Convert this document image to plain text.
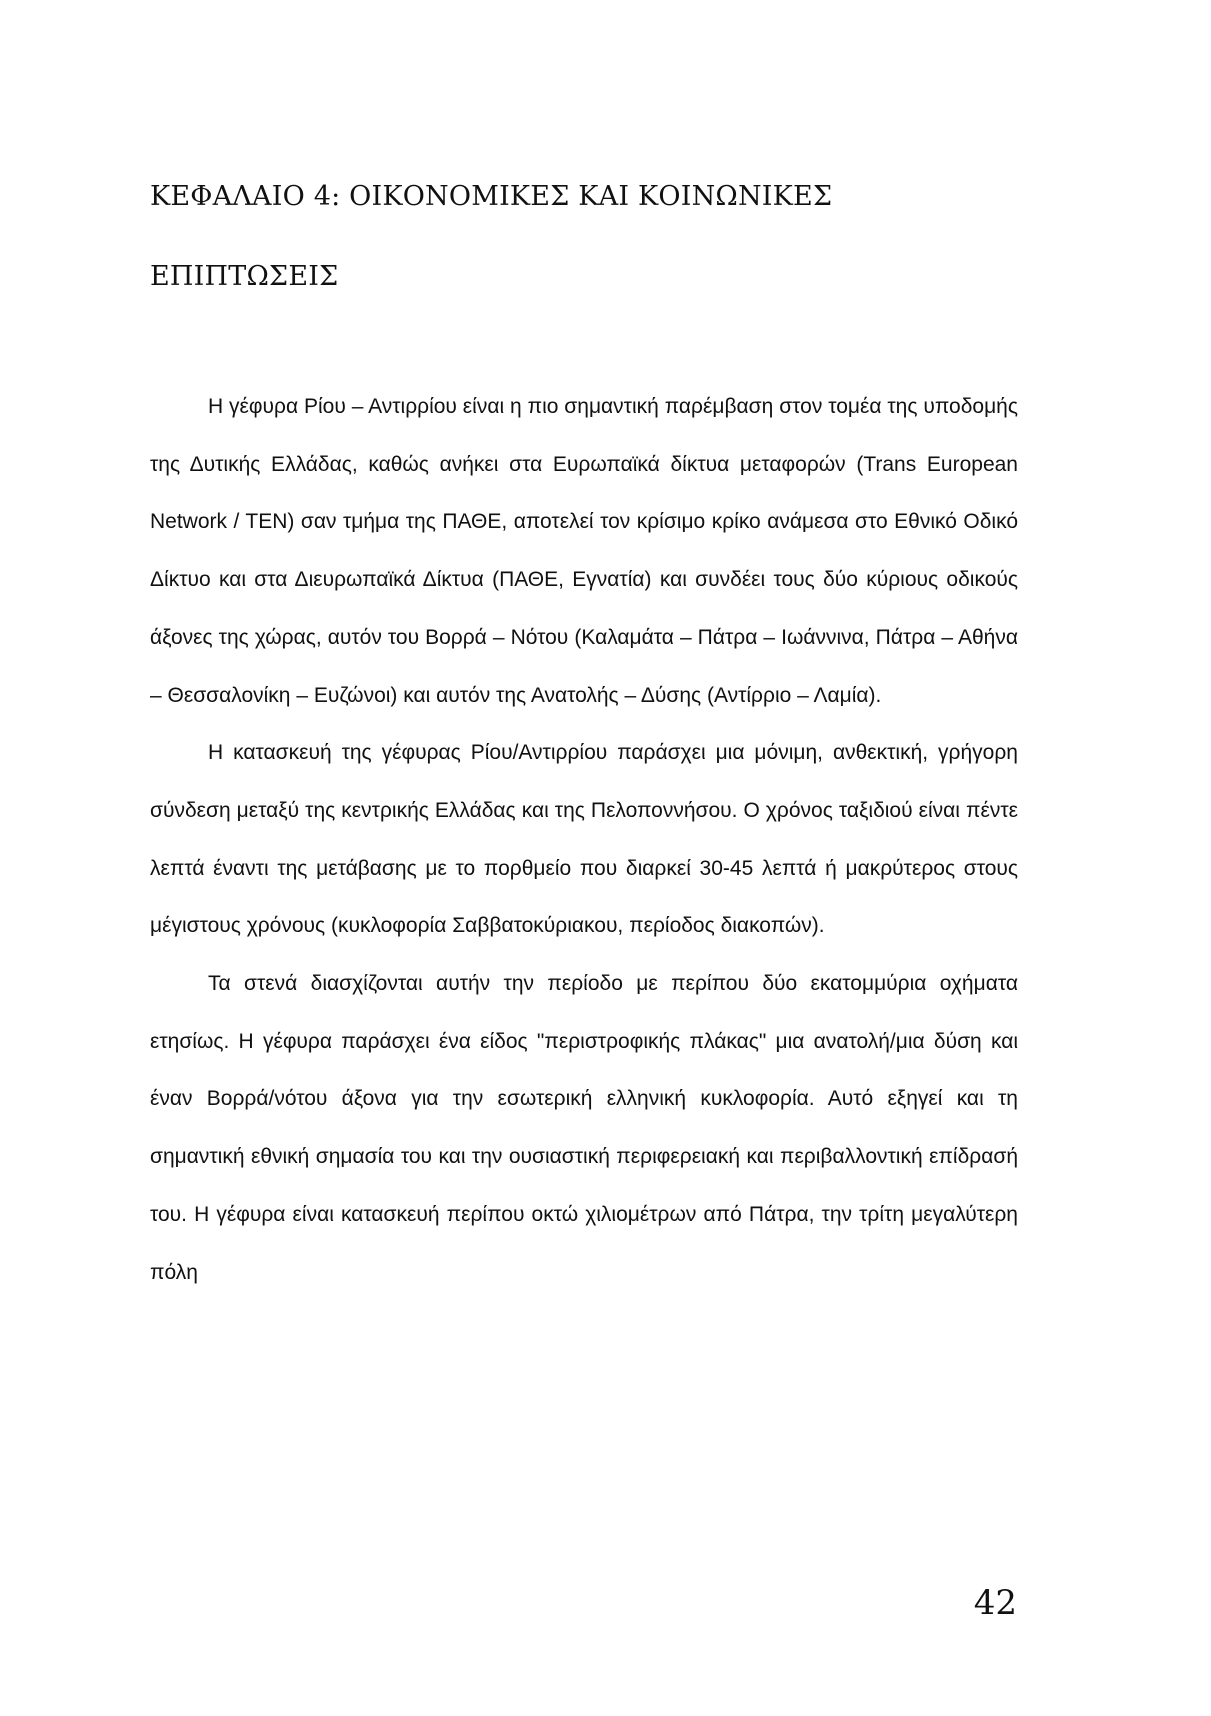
ΚΕΦΑΛΑΙΟ 4: ΟΙΚΟΝΟΜΙΚΕΣ ΚΑΙ ΚΟΙΝΩΝΙΚΕΣ
ΕΠΙΠΤΩΣΕΙΣ

Η γέφυρα Ρίου – Αντιρρίου είναι η πιο σημαντική παρέμβαση στον τομέα της υποδομής της Δυτικής Ελλάδας, καθώς ανήκει στα Ευρωπαϊκά δίκτυα μεταφορών (Trans European Network / TEN) σαν τμήμα της ΠΑΘΕ, αποτελεί τον κρίσιμο κρίκο ανάμεσα στο Εθνικό Οδικό Δίκτυο και στα Διευρωπαϊκά Δίκτυα (ΠΑΘΕ, Εγνατία) και συνδέει τους δύο κύριους οδικούς άξονες της χώρας, αυτόν του Βορρά – Νότου (Καλαμάτα – Πάτρα – Ιωάννινα, Πάτρα – Αθήνα – Θεσσαλονίκη – Ευζώνοι) και αυτόν της Ανατολής – Δύσης (Αντίρριο – Λαμία).

Η κατασκευή της γέφυρας Ρίου/Αντιρρίου παράσχει μια μόνιμη, ανθεκτική, γρήγορη σύνδεση μεταξύ της κεντρικής Ελλάδας και της Πελοποννήσου. Ο χρόνος ταξιδιού είναι πέντε λεπτά έναντι της μετάβασης με το πορθμείο που διαρκεί 30-45 λεπτά ή μακρύτερος στους μέγιστους χρόνους (κυκλοφορία Σαββατοκύριακου, περίοδος διακοπών).

Τα στενά διασχίζονται αυτήν την περίοδο με περίπου δύο εκατομμύρια οχήματα ετησίως. Η γέφυρα παράσχει ένα είδος "περιστροφικής πλάκας" μια ανατολή/μια δύση και έναν Βορρά/νότου άξονα για την εσωτερική ελληνική κυκλοφορία. Αυτό εξηγεί και τη σημαντική εθνική σημασία του και την ουσιαστική περιφερειακή και περιβαλλοντική επίδρασή του. Η γέφυρα είναι κατασκευή περίπου οκτώ χιλιομέτρων από Πάτρα, την τρίτη μεγαλύτερη πόλη

42
